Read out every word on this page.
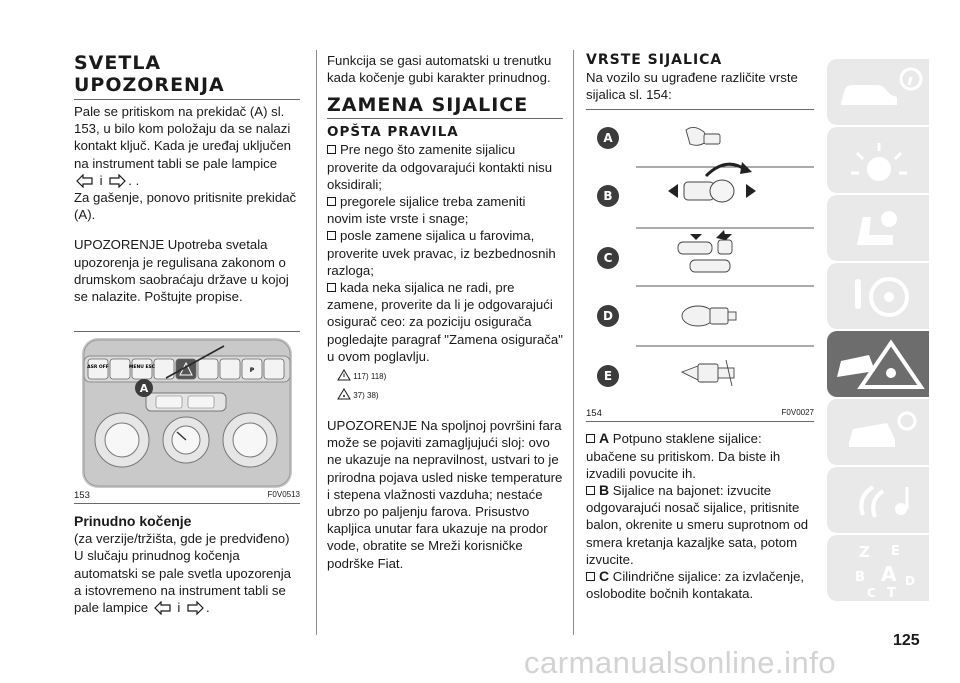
SVETLA
UPOZORENJA
Pale se pritiskom na prekidač (A) sl. 153, u bilo kom položaju da se nalazi kontakt ključ. Kada je uređaj uključen na instrument tabli se pale lampice  i . .
Za gašenje, ponovo pritisnite prekidač (A).
UPOZORENJE Upotreba svetala upozorenja je regulisana zakonom o drumskom saobraćaju države u kojoj se nalazite. Poštujte propise.
ASR OFF	MENU ESC	P
A
153	F0V0513
Prinudno kočenje
(za verzije/tržišta, gde je predviđeno) U slučaju prinudnog kočenja automatski se pale svetla upozorenja a istovremeno na instrument tabli se pale lampice i .
Funkcija se gasi automatski u trenutku kada kočenje gubi karakter prinudnog.
ZAMENA SIJALICE
OPŠTA PRAVILA
Pre nego što zamenite sijalicu proverite da odgovarajući kontakti nisu oksidirali;
pregorele sijalice treba zameniti novim iste vrste i snage;
posle zamene sijalica u farovima, proverite uvek pravac, iz bezbednosnih razloga;
kada neka sijalica ne radi, pre zamene, proverite da li je odgovarajući osigurač ceo: za poziciju osigurača pogledajte paragraf "Zamena osigurača" u ovom poglavlju.
117) 118)
37) 38)
UPOZORENJE Na spoljnoj površini fara može se pojaviti zamagljujući sloj: ovo ne ukazuje na nepravilnost, ustvari to je prirodna pojava usled niske temperature i stepena vlažnosti vazduha; nestaće ubrzo po paljenju farova. Prisustvo kapljica unutar fara ukazuje na prodor vode, obratite se Mreži korisničke podrške Fiat.
VRSTE SIJALICA
Na vozilo su ugrađene različite vrste sijalica sl. 154:
A
B
C
D
E
154	F0V0027
A Potpuno staklene sijalice: ubačene su pritiskom. Da biste ih izvadili povucite ih.
B Sijalice na bajonet: izvucite odgovarajući nosač sijalice, pritisnite balon, okrenite u smeru suprotnom od smera kretanja kazaljke sata, potom izvucite.
C Cilindrične sijalice: za izvlačenje, oslobodite bočnih kontakata.
Z E
B A
C
D
T
125
carmanualsonline.info
